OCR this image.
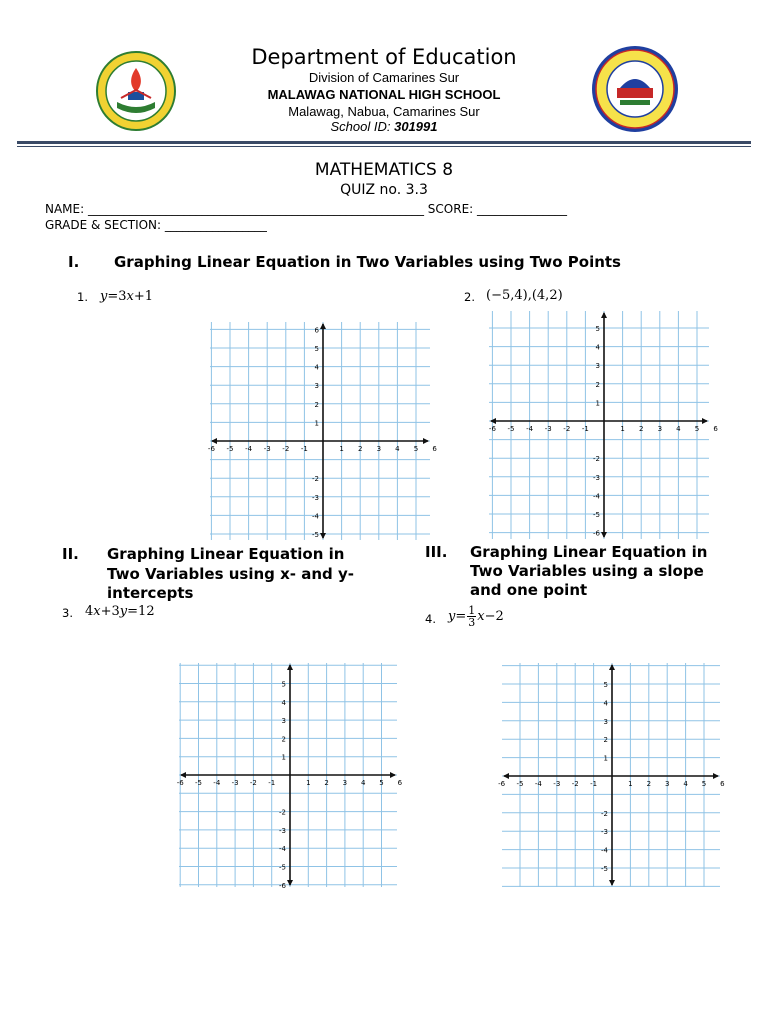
Department of Education
Division of Camarines Sur
MALAWAG NATIONAL HIGH SCHOOL
Malawag, Nabua, Camarines Sur
School ID: 301991
MATHEMATICS 8
QUIZ no. 3.3
NAME: ________________________________________________________ SCORE: _______________
GRADE & SECTION: _________________
I. Graphing Linear Equation in Two Variables using Two Points
1. y=3x+1	2. (−5,4),(4,2)
II. Graphing Linear Equation in
Two Variables using x- and y-
intercepts
3. 4x+3y=12
III. Graphing Linear Equation in
Two Variables using a slope
and one point
4. $y= \frac{1}{3} x-2$
-6 -5 -4 -3 -2 -1	1 2 3 4 5 6
6
5
4
3
2
1
-2
-3
-4
-5
-6 -5 -4 -3 -2 -1	1 2 3 4 5 6
5
4
3
2
1
-2
-3
-4
-5
-6
-6 -5 -4 -3 -2 -1	1 2 3 4 5 6
5
4
3
2
1
-2
-3
-4
-5
-6
-6 -5 -4 -3 -2 -1	1 2 3 4 5 6
5
4
3
2
1
-2
-3
-4
-5
